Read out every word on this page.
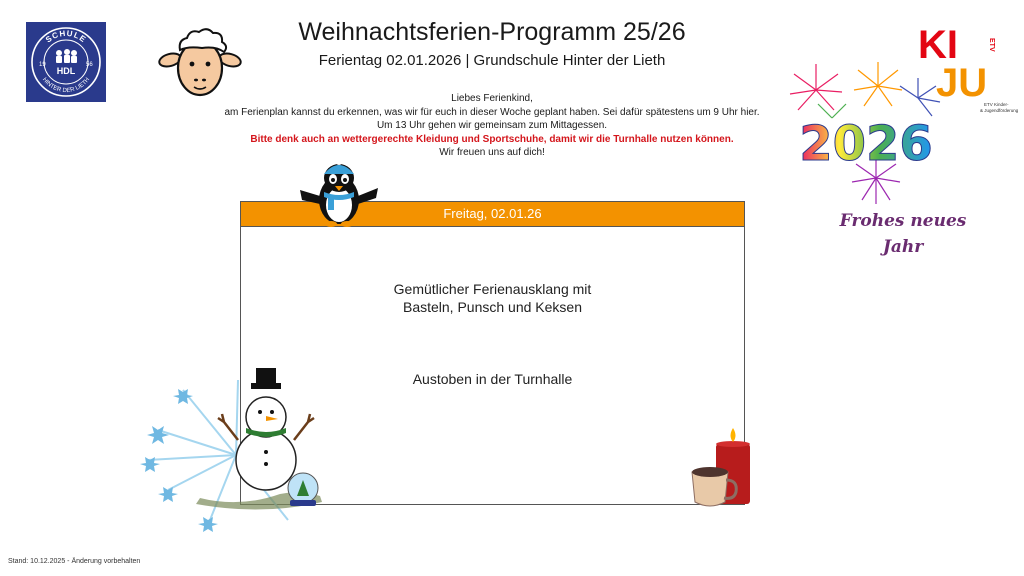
SCHULE
HINTER DER LIETH
19	56
HDL
Weihnachtsferien-Programm 25/26
Ferientag 02.01.2026 | Grundschule Hinter der Lieth
Liebes Ferienkind,
am Ferienplan kannst du erkennen, was wir für euch in dieser Woche geplant haben. Sei dafür spätestens um 9 Uhr hier.
Um 13 Uhr gehen wir gemeinsam zum Mittagessen.
Bitte denk auch an wettergerechte Kleidung und Sportschuhe, damit wir die Turnhalle nutzen können.
Wir freuen uns auf dich!
Freitag, 02.01.26
Gemütlicher Ferienausklang mit
Basteln, Punsch und Keksen
Austoben in der Turnhalle
KI
JU
ETV
ETV Kinder-
& Jugendförderung
2026
Frohes neues
Jahr
Stand: 10.12.2025 - Änderung vorbehalten
